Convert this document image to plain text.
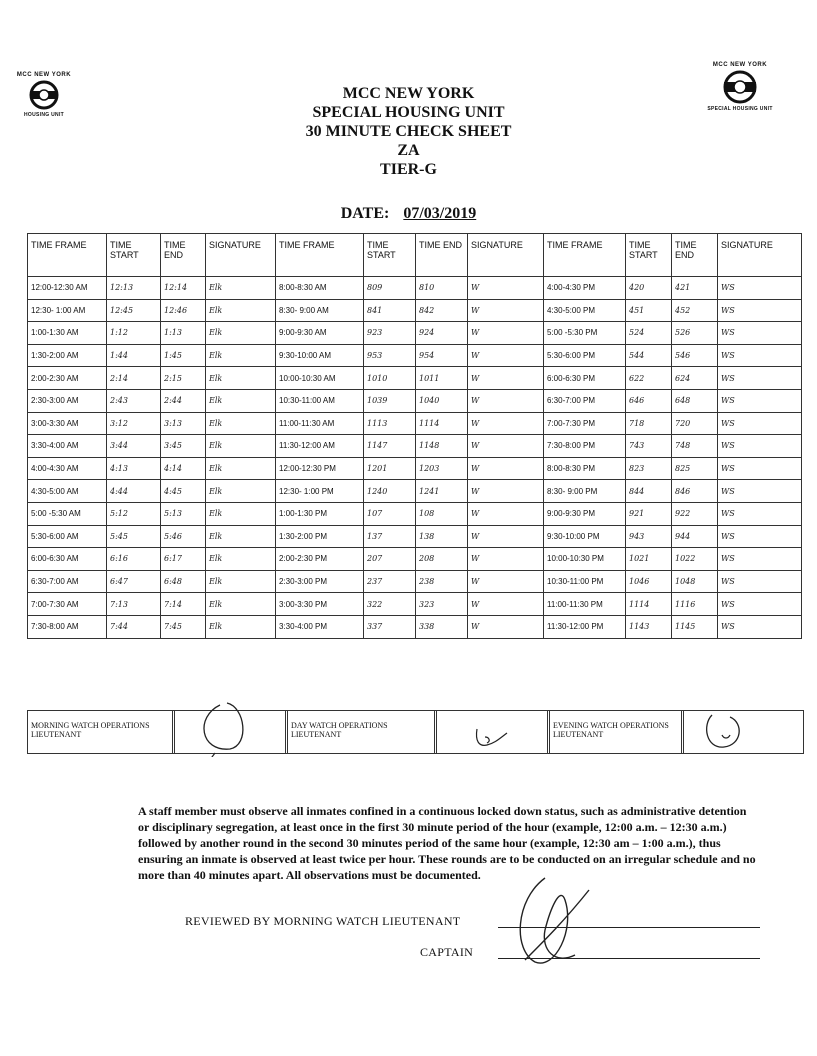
MCC NEW YORK
HOUSING UNIT
MCC NEW YORK
SPECIAL HOUSING UNIT
MCC NEW YORK
SPECIAL HOUSING UNIT
30 MINUTE CHECK SHEET
ZA
TIER-G
DATE: 07/03/2019
TIME FRAME	TIME START	TIME END	SIGNATURE	TIME FRAME	TIME START	TIME END	SIGNATURE	TIME FRAME	TIME START	TIME END	SIGNATURE
12:00-12:30 AM	12:13	12:14	Elk	8:00-8:30 AM	809	810	W	4:00-4:30 PM	420	421	WS
12:30- 1:00 AM	12:45	12:46	Elk	8:30- 9:00 AM	841	842	W	4:30-5:00 PM	451	452	WS
1:00-1:30 AM	1:12	1:13	Elk	9:00-9:30 AM	923	924	W	5:00 -5:30 PM	524	526	WS
1:30-2:00 AM	1:44	1:45	Elk	9:30-10:00 AM	953	954	W	5:30-6:00 PM	544	546	WS
2:00-2:30 AM	2:14	2:15	Elk	10:00-10:30 AM	1010	1011	W	6:00-6:30 PM	622	624	WS
2:30-3:00 AM	2:43	2:44	Elk	10:30-11:00 AM	1039	1040	W	6:30-7:00 PM	646	648	WS
3:00-3:30 AM	3:12	3:13	Elk	11:00-11:30 AM	1113	1114	W	7:00-7:30 PM	718	720	WS
3:30-4:00 AM	3:44	3:45	Elk	11:30-12:00 AM	1147	1148	W	7:30-8:00 PM	743	748	WS
4:00-4:30 AM	4:13	4:14	Elk	12:00-12:30 PM	1201	1203	W	8:00-8:30 PM	823	825	WS
4:30-5:00 AM	4:44	4:45	Elk	12:30- 1:00 PM	1240	1241	W	8:30- 9:00 PM	844	846	WS
5:00 -5:30 AM	5:12	5:13	Elk	1:00-1:30 PM	107	108	W	9:00-9:30 PM	921	922	WS
5:30-6:00 AM	5:45	5:46	Elk	1:30-2:00 PM	137	138	W	9:30-10:00 PM	943	944	WS
6:00-6:30 AM	6:16	6:17	Elk	2:00-2:30 PM	207	208	W	10:00-10:30 PM	1021	1022	WS
6:30-7:00 AM	6:47	6:48	Elk	2:30-3:00 PM	237	238	W	10:30-11:00 PM	1046	1048	WS
7:00-7:30 AM	7:13	7:14	Elk	3:00-3:30 PM	322	323	W	11:00-11:30 PM	1114	1116	WS
7:30-8:00 AM	7:44	7:45	Elk	3:30-4:00 PM	337	338	W	11:30-12:00 PM	1143	1145	WS
MORNING WATCH OPERATIONS LIEUTENANT
DAY WATCH OPERATIONS LIEUTENANT
EVENING WATCH OPERATIONS LIEUTENANT
A staff member must observe all inmates confined in a continuous locked down status, such as administrative detention or disciplinary segregation, at least once in the first 30 minute period of the hour (example, 12:00 a.m. – 12:30 a.m.) followed by another round in the second 30 minutes period of the same hour (example, 12:30 am – 1:00 a.m.), thus ensuring an inmate is observed at least twice per hour. These rounds are to be conducted on an irregular schedule and no more than 40 minutes apart. All observations must be documented.
REVIEWED BY MORNING WATCH LIEUTENANT
CAPTAIN
